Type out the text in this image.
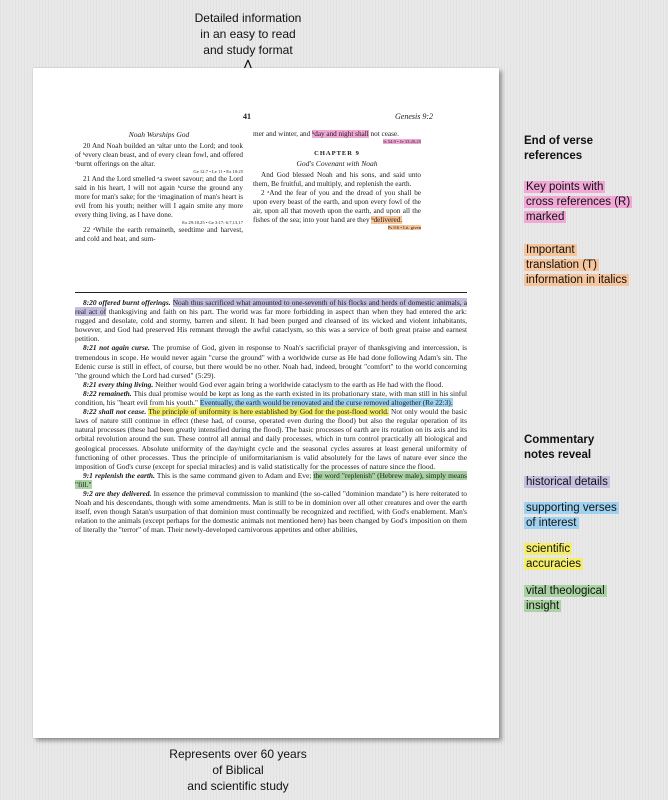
Detailed information
in an easy to read
and study format
41	Genesis 9:2
Noah Worships God

20 And Noah builded an ᵃaltar unto the Lord; and took of ᵇevery clean beast, and of every clean fowl, and offered ᶜburnt offerings on the altar.

Ge 12:7 • Le 11 • Ex 10:25

21 And the Lord smelled ᵃa sweet savour; and the Lord said in his heart, I will not again ᵇcurse the ground any more for man's sake; for the ᶜimagination of man's heart is evil from his youth; neither will I again smite any more every thing living, as I have done.

Ex 29:18,25 • Ge 3:17; 6:7,13,17

22 ᵃWhile the earth remaineth, seedtime and harvest, and cold and heat, and sum-

mer and winter, and ᵇday and night shall not cease.

Is 54:9 • Je 33:20,25
CHAPTER 9
God's Covenant with Noah

And God blessed Noah and his sons, and said unto them, Be fruitful, and multiply, and replenish the earth.

2 ᵃAnd the fear of you and the dread of you shall be upon every beast of the earth, and upon every fowl of the air, upon all that moveth upon the earth, and upon all the fishes of the sea; into your hand are they ᵇdelivered.

Ps 8:6 • Lit. given

8:20 offered burnt offerings. Noah thus sacrificed what amounted to one-seventh of his flocks and herds of domestic animals, a real act of thanksgiving and faith on his part. The world was far more forbidding in aspect than when they had entered the ark: rugged and desolate, cold and stormy, barren and silent. It had been purged and cleansed of its wicked and violent inhabitants, however, and God had preserved His remnant through the awful cataclysm, so this was a service of both great praise and earnest petition.

8:21 not again curse. The promise of God, given in response to Noah's sacrificial prayer of thanksgiving and intercession, is tremendous in scope. He would never again "curse the ground" with a worldwide curse as He had done following Adam's sin. The Edenic curse is still in effect, of course, but there would be no other. Noah had, indeed, brought "comfort" to the world concerning "the ground which the Lord had cursed" (5:29).

8:21 every thing living. Neither would God ever again bring a worldwide cataclysm to the earth as He had with the flood.

8:22 remaineth. This dual promise would be kept as long as the earth existed in its probationary state, with man still in his sinful condition, his "heart evil from his youth." Eventually, the earth would be renovated and the curse removed altogether (Re 22:3).

8:22 shall not cease. The principle of uniformity is here established by God for the post-flood world. Not only would the basic laws of nature still continue in effect (these had, of course, operated even during the flood) but also the regular operation of its natural processes (these had been greatly intensified during the flood). The basic processes of earth are its rotation on its axis and its orbital revolution around the sun. These control all annual and daily processes, which in turn control practically all biological and geological processes. Absolute uniformity of the day/night cycle and the seasonal cycles assures at least general uniformity of functioning of other processes. Thus the principle of uniformitarianism is valid absolutely for the laws of nature ever since the imposition of God's curse (except for special miracles) and is valid statistically for the processes of nature since the flood.

9:1 replenish the earth. This is the same command given to Adam and Eve; the word "replenish" (Hebrew male), simply means "fill."

9:2 are they delivered. In essence the primeval commission to mankind (the so-called "dominion mandate") is here reiterated to Noah and his descendants, though with some amendments. Man is still to be in dominion over all other creatures and over the earth itself, even though Satan's usurpation of that dominion must continually be recognized and rectified, with God's enablement. Man's relation to the animals (except perhaps for the domestic animals not mentioned here) has been changed by God's imposition on them of literally the "terror" of man. Their newly-developed carnivorous appetites and other abilities,

Represents over 60 years
of Biblical
and scientific study
End of verse
references
Key points with
cross references (R)
marked
Important
translation (T)
information in italics
Commentary
notes reveal
historical details
supporting verses
of interest
scientific
accuracies
vital theological
insight
